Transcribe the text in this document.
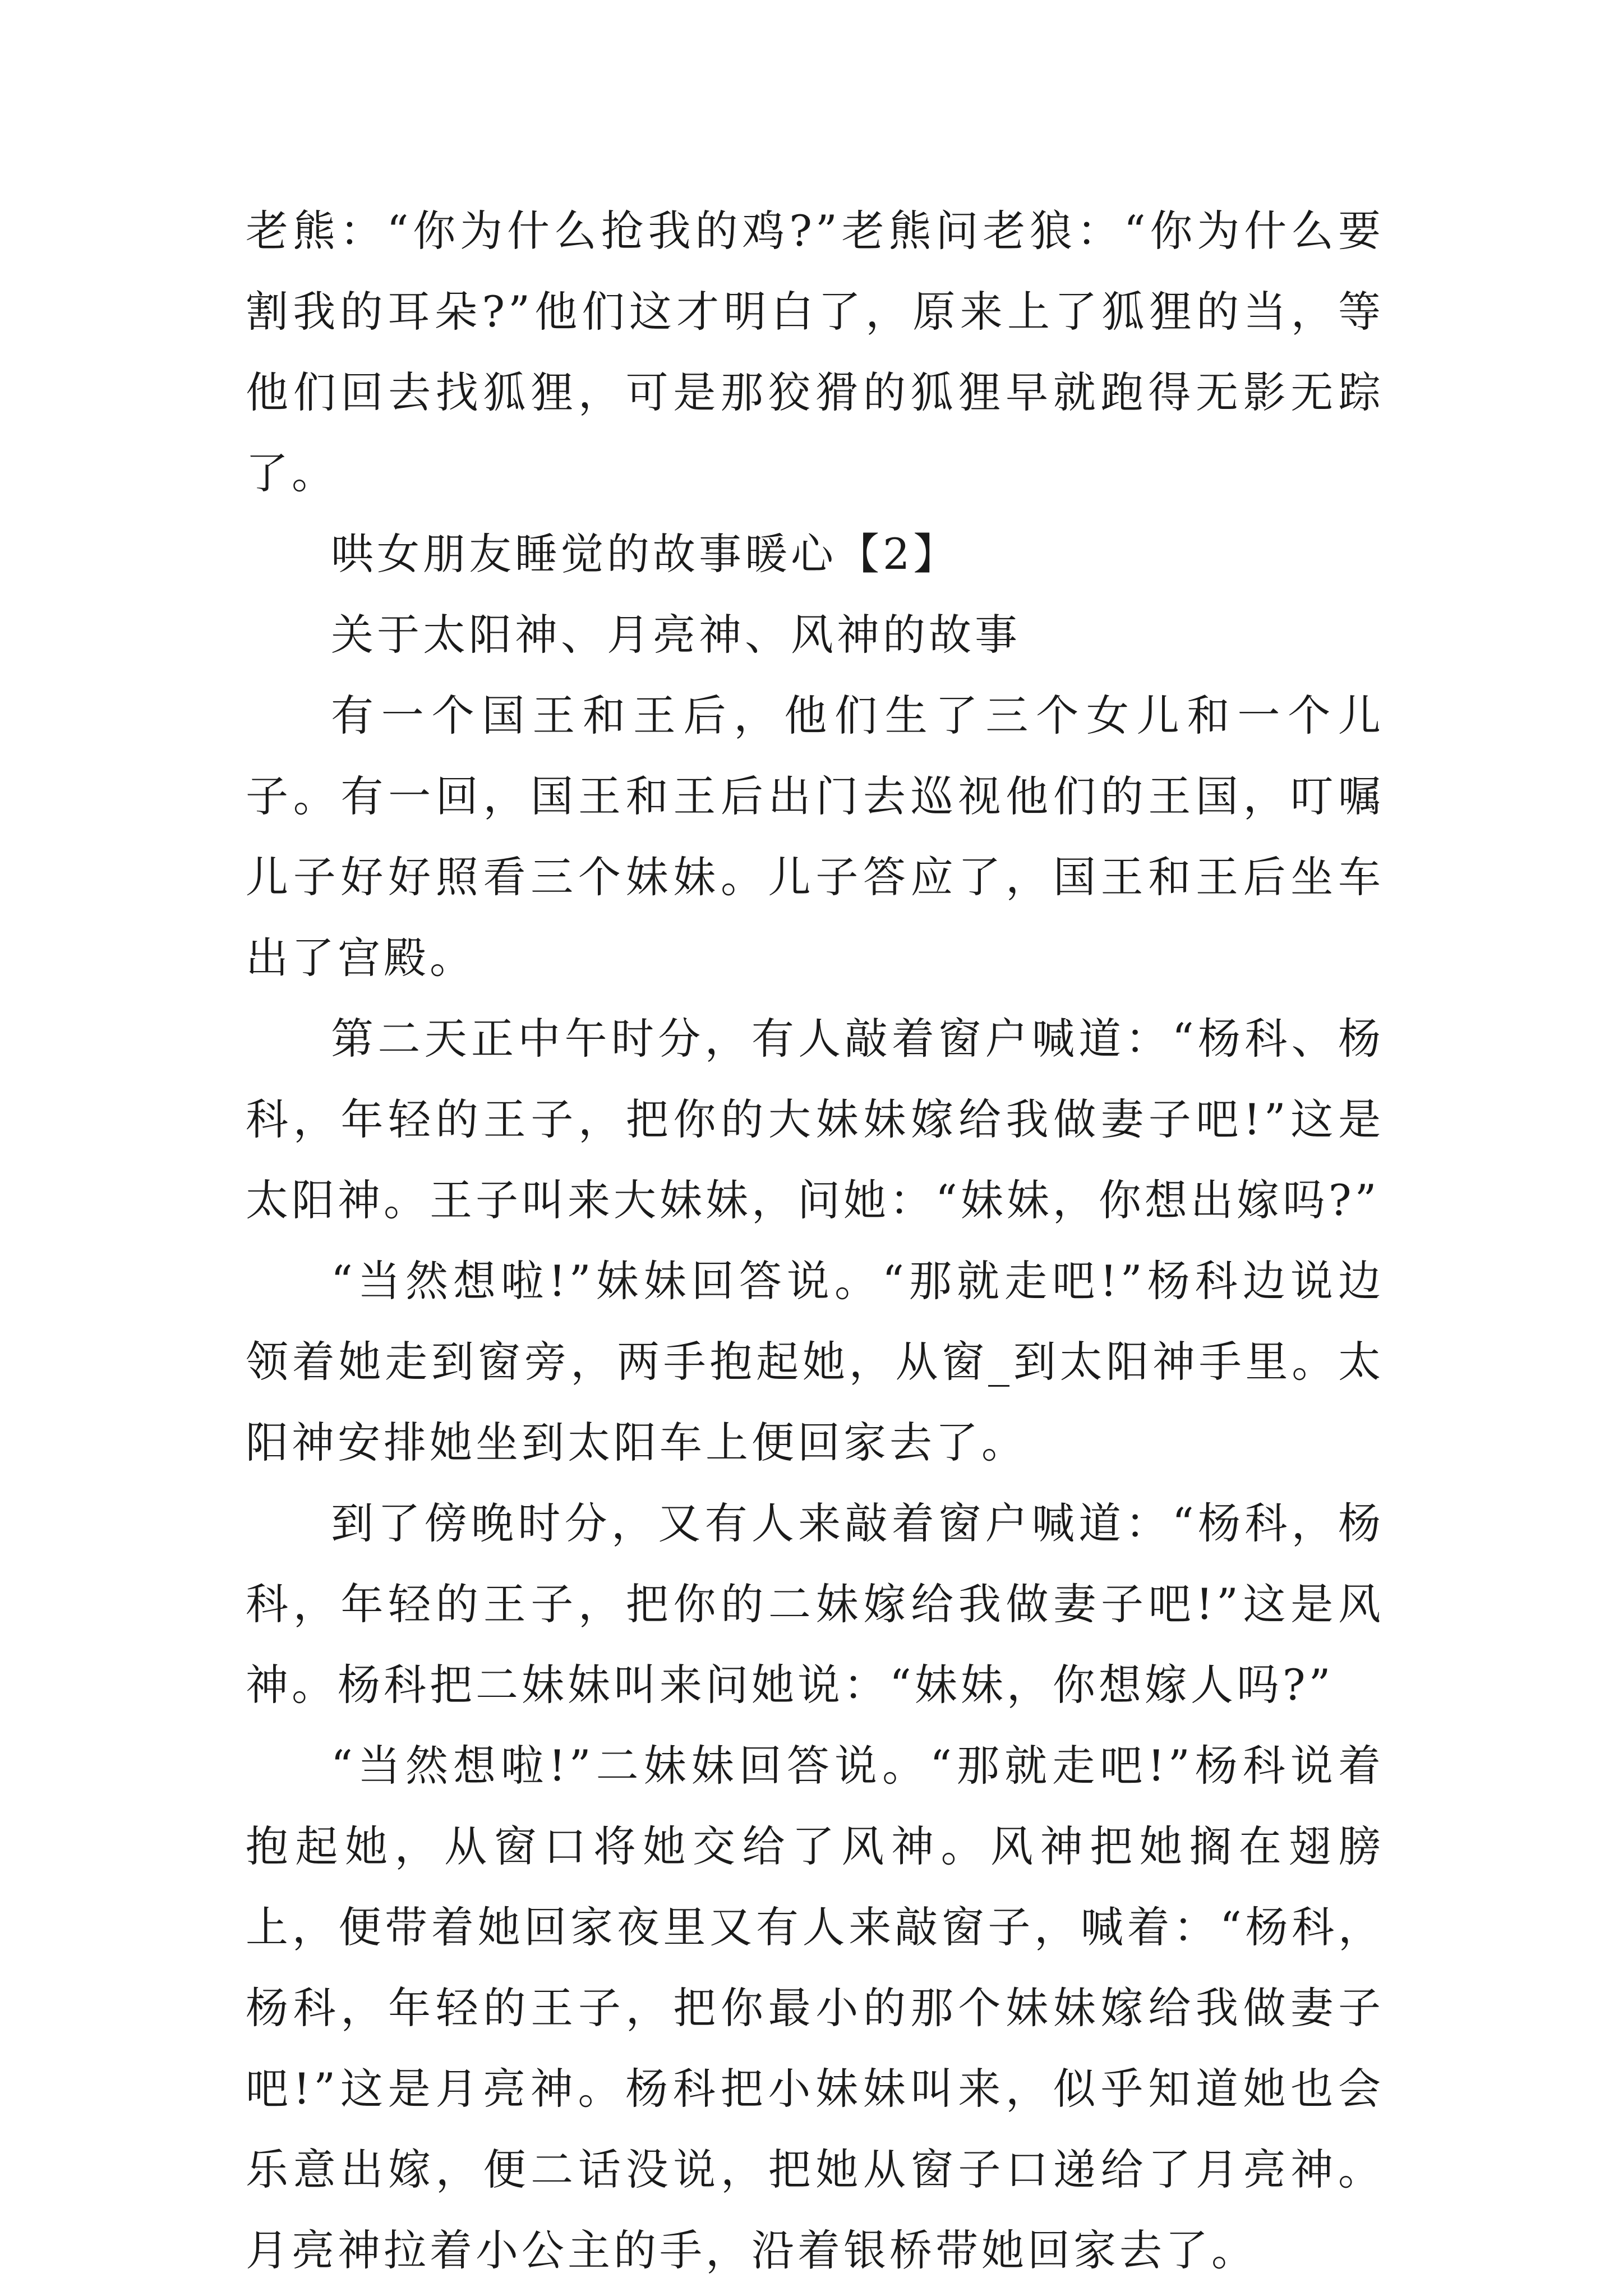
老熊：“你为什么抢我的鸡?”老熊问老狼：“你为什么要割我的耳朵?”他们这才明白了，原来上了狐狸的当，等他们回去找狐狸，可是那狡猾的狐狸早就跑得无影无踪了。

哄女朋友睡觉的故事暖心【2】

关于太阳神、月亮神、风神的故事

有一个国王和王后，他们生了三个女儿和一个儿子。有一回，国王和王后出门去巡视他们的王国，叮嘱儿子好好照看三个妹妹。儿子答应了，国王和王后坐车出了宫殿。

第二天正中午时分，有人敲着窗户喊道：“杨科、杨科，年轻的王子，把你的大妹妹嫁给我做妻子吧!”这是太阳神。王子叫来大妹妹，问她：“妹妹，你想出嫁吗?”

“当然想啦!”妹妹回答说。“那就走吧!”杨科边说边领着她走到窗旁，两手抱起她，从窗_到太阳神手里。太阳神安排她坐到太阳车上便回家去了。

到了傍晚时分，又有人来敲着窗户喊道：“杨科，杨科，年轻的王子，把你的二妹嫁给我做妻子吧!”这是风神。杨科把二妹妹叫来问她说：“妹妹，你想嫁人吗?”

“当然想啦!”二妹妹回答说。“那就走吧!”杨科说着抱起她，从窗口将她交给了风神。风神把她搁在翅膀上，便带着她回家夜里又有人来敲窗子，喊着：“杨科，杨科，年轻的王子，把你最小的那个妹妹嫁给我做妻子吧!”这是月亮神。杨科把小妹妹叫来，似乎知道她也会乐意出嫁，便二话没说，把她从窗子口递给了月亮神。月亮神拉着小公主的手，沿着银桥带她回家去了。
